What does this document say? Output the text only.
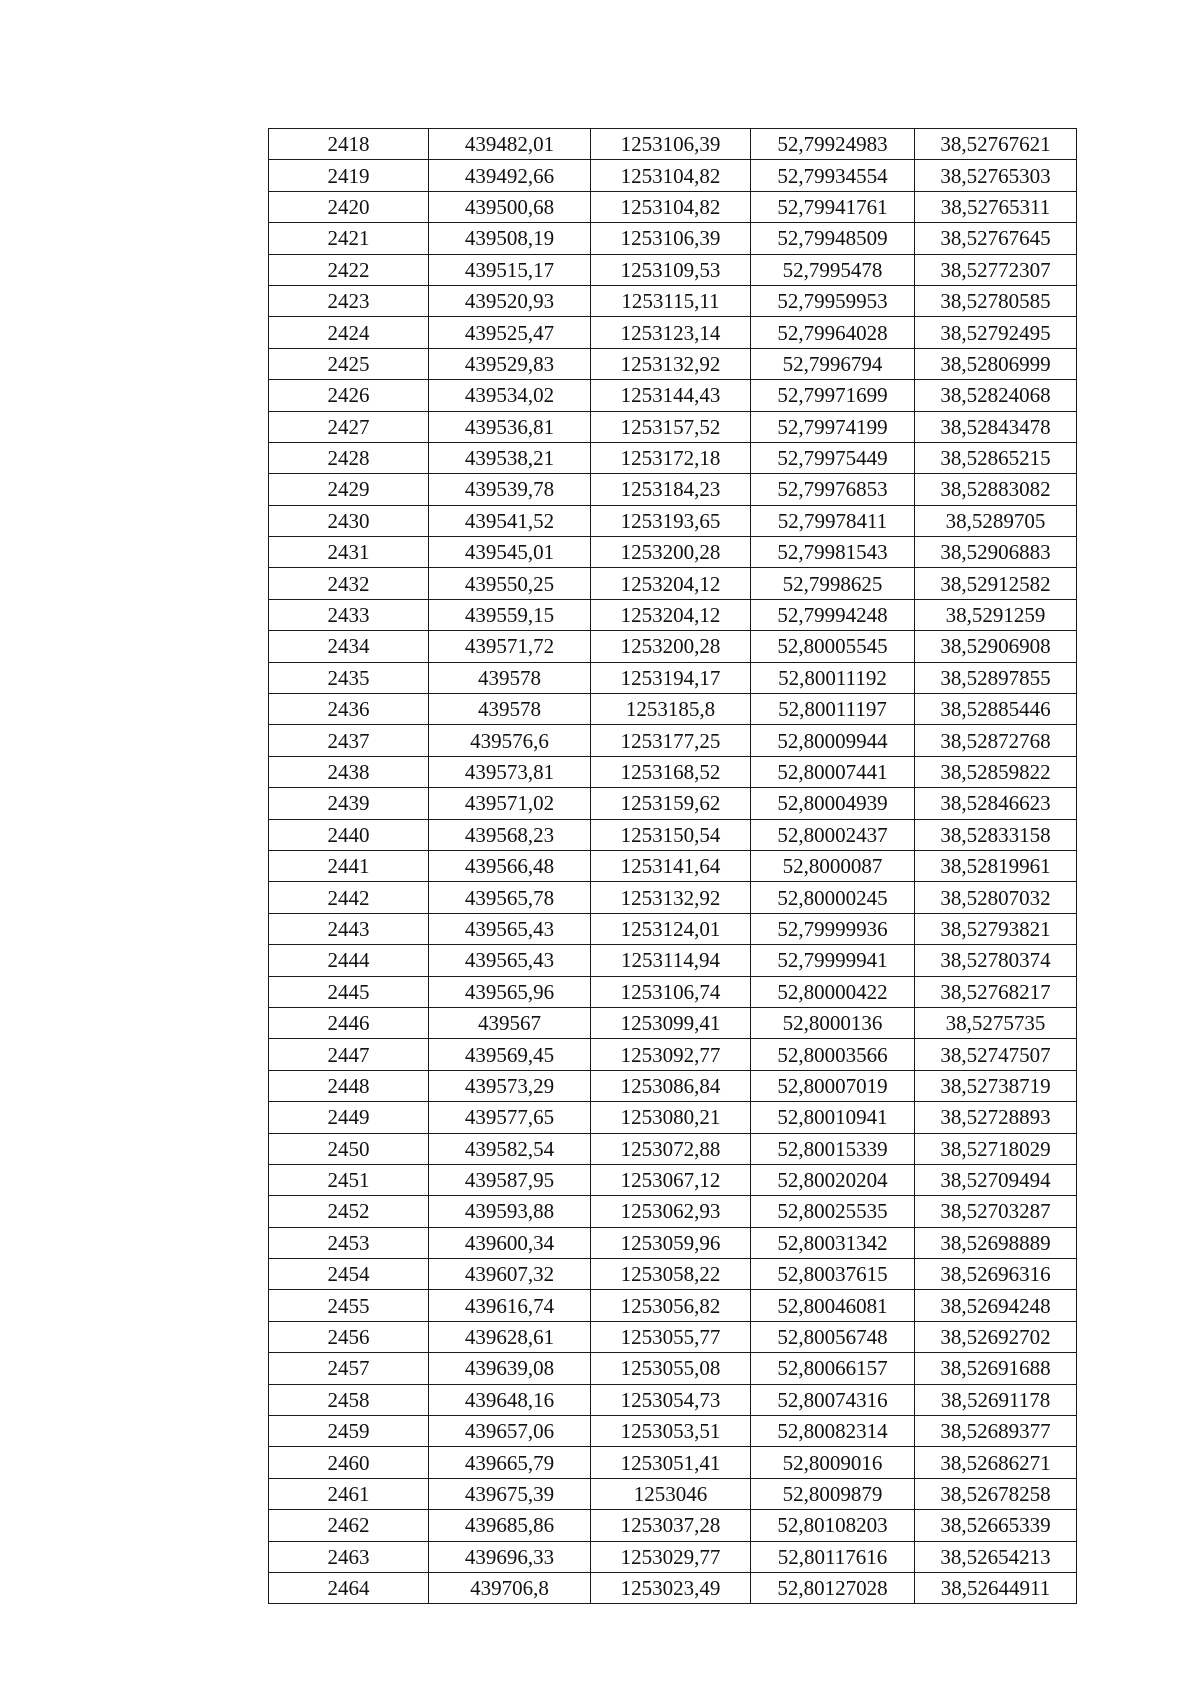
2418	439482,01	1253106,39	52,79924983	38,52767621
2419	439492,66	1253104,82	52,79934554	38,52765303
2420	439500,68	1253104,82	52,79941761	38,52765311
2421	439508,19	1253106,39	52,79948509	38,52767645
2422	439515,17	1253109,53	52,7995478	38,52772307
2423	439520,93	1253115,11	52,79959953	38,52780585
2424	439525,47	1253123,14	52,79964028	38,52792495
2425	439529,83	1253132,92	52,7996794	38,52806999
2426	439534,02	1253144,43	52,79971699	38,52824068
2427	439536,81	1253157,52	52,79974199	38,52843478
2428	439538,21	1253172,18	52,79975449	38,52865215
2429	439539,78	1253184,23	52,79976853	38,52883082
2430	439541,52	1253193,65	52,79978411	38,5289705
2431	439545,01	1253200,28	52,79981543	38,52906883
2432	439550,25	1253204,12	52,7998625	38,52912582
2433	439559,15	1253204,12	52,79994248	38,5291259
2434	439571,72	1253200,28	52,80005545	38,52906908
2435	439578	1253194,17	52,80011192	38,52897855
2436	439578	1253185,8	52,80011197	38,52885446
2437	439576,6	1253177,25	52,80009944	38,52872768
2438	439573,81	1253168,52	52,80007441	38,52859822
2439	439571,02	1253159,62	52,80004939	38,52846623
2440	439568,23	1253150,54	52,80002437	38,52833158
2441	439566,48	1253141,64	52,8000087	38,52819961
2442	439565,78	1253132,92	52,80000245	38,52807032
2443	439565,43	1253124,01	52,79999936	38,52793821
2444	439565,43	1253114,94	52,79999941	38,52780374
2445	439565,96	1253106,74	52,80000422	38,52768217
2446	439567	1253099,41	52,8000136	38,5275735
2447	439569,45	1253092,77	52,80003566	38,52747507
2448	439573,29	1253086,84	52,80007019	38,52738719
2449	439577,65	1253080,21	52,80010941	38,52728893
2450	439582,54	1253072,88	52,80015339	38,52718029
2451	439587,95	1253067,12	52,80020204	38,52709494
2452	439593,88	1253062,93	52,80025535	38,52703287
2453	439600,34	1253059,96	52,80031342	38,52698889
2454	439607,32	1253058,22	52,80037615	38,52696316
2455	439616,74	1253056,82	52,80046081	38,52694248
2456	439628,61	1253055,77	52,80056748	38,52692702
2457	439639,08	1253055,08	52,80066157	38,52691688
2458	439648,16	1253054,73	52,80074316	38,52691178
2459	439657,06	1253053,51	52,80082314	38,52689377
2460	439665,79	1253051,41	52,8009016	38,52686271
2461	439675,39	1253046	52,8009879	38,52678258
2462	439685,86	1253037,28	52,80108203	38,52665339
2463	439696,33	1253029,77	52,80117616	38,52654213
2464	439706,8	1253023,49	52,80127028	38,52644911
